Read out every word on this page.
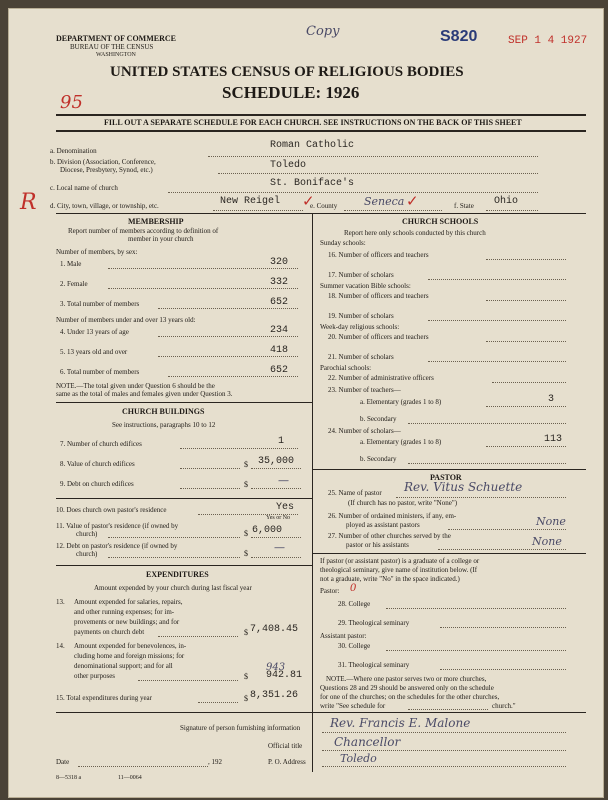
DEPARTMENT OF COMMERCE
BUREAU OF THE CENSUS
WASHINGTON
Copy	S820	SEP 1 4 1927
95
UNITED STATES CENSUS OF RELIGIOUS BODIES
SCHEDULE: 1926
FILL OUT A SEPARATE SCHEDULE FOR EACH CHURCH. SEE INSTRUCTIONS ON THE BACK OF THIS SHEET
a. Denomination	Roman Catholic
b. Division (Association, Conference,
Diocese, Presbytery, Synod, etc.)	Toledo
c. Local name of church	St. Boniface's
R d. City, town, village, or township, etc.	New Reigel ✓
e. County Seneca ✓	f. State Ohio
MEMBERSHIP
Report number of members according to definition of
member in your church
Number of members, by sex:
1. Male	320
2. Female	332
3. Total number of members	652
Number of members under and over 13 years old:
4. Under 13 years of age	234
5. 13 years old and over	418
6. Total number of members	652
NOTE.—The total given under Question 6 should be the
same as the total of males and females given under Question 3.
CHURCH BUILDINGS
See instructions, paragraphs 10 to 12
7. Number of church edifices	1
8. Value of church edifices	$ 35,000
9. Debt on church edifices	$	—
10. Does church own pastor's residence	Yes
Yes or No
11. Value of pastor's residence (if owned by
church)	$ 6,000
12. Debt on pastor's residence (if owned by
church)	$ —
EXPENDITURES
Amount expended by your church during last fiscal year
13. Amount expended for salaries, repairs,
and other running expenses; for im-
provements or new buildings; and for
payments on church debt	$ 7,408.45
14. Amount expended for benevolences, in-
cluding home and foreign missions; for
denominational support; and for all
other purposes
943
$ 942.81
15. Total expenditures during year	$ 8,351.26
CHURCH SCHOOLS
Report here only schools conducted by this church
Sunday schools:
16. Number of officers and teachers
17. Number of scholars
Summer vacation Bible schools:
18. Number of officers and teachers
19. Number of scholars
Week-day religious schools:
20. Number of officers and teachers
21. Number of scholars
Parochial schools:
22. Number of administrative officers
23. Number of teachers—
a. Elementary (grades 1 to 8)	3
b. Secondary
24. Number of scholars—
a. Elementary (grades 1 to 8)	113
b. Secondary
PASTOR
25. Name of pastor Rev. Vitus Schuette
(If church has no pastor, write "None")
26. Number of ordained ministers, if any, em-
ployed as assistant pastors	None
27. Number of other churches served by the
pastor or his assistants	None
If pastor (or assistant pastor) is a graduate of a college or
theological seminary, give name of institution below. (If
not a graduate, write "No" in the space indicated.)
Pastor: 0
28. College
29. Theological seminary
Assistant pastor:
30. College
31. Theological seminary
NOTE.—Where one pastor serves two or more churches,
Questions 28 and 29 should be answered only on the schedule
for one of the churches; on the schedules for the other churches,
write "See schedule for	church."
Signature of person furnishing information Rev. Francis E. Malone
Official title	Chancellor
Date	, 192	P. O. Address	Toledo
8—5318 a	11—0064
